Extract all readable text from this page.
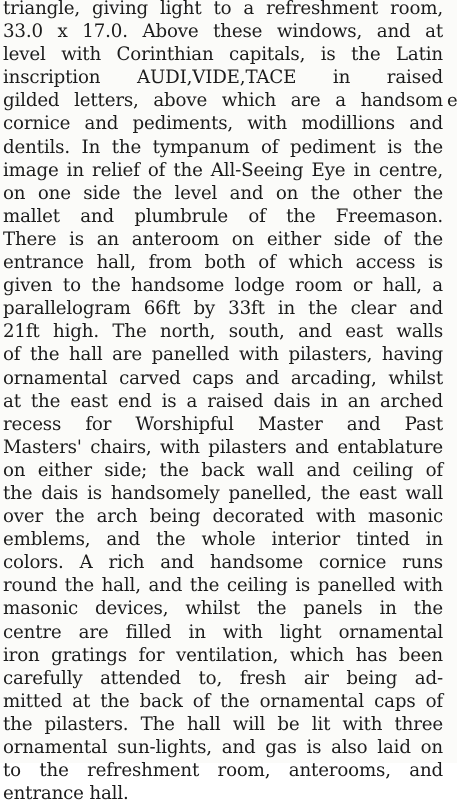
triangle, giving light to a refreshment room,
33.0 x 17.0. Above these windows, and at
level with Corinthian capitals, is the Latin
inscription AUDI,VIDE,TACE in raised
gilded letters, above which are a handsom
cornice and pediments, with modillions and
dentils. In the tympanum of pediment is the
image in relief of the All-Seeing Eye in centre,
on one side the level and on the other the
mallet and plumbrule of the Freemason.
There is an anteroom on either side of the
entrance hall, from both of which access is
given to the handsome lodge room or hall, a
parallelogram 66ft by 33ft in the clear and
21ft high. The north, south, and east walls
of the hall are panelled with pilasters, having
ornamental carved caps and arcading, whilst
at the east end is a raised dais in an arched
recess for Worshipful Master and Past
Masters' chairs, with pilasters and entablature
on either side; the back wall and ceiling of
the dais is handsomely panelled, the east wall
over the arch being decorated with masonic
emblems, and the whole interior tinted in
colors. A rich and handsome cornice runs
round the hall, and the ceiling is panelled with
masonic devices, whilst the panels in the
centre are filled in with light ornamental
iron gratings for ventilation, which has been
carefully attended to, fresh air being ad-
mitted at the back of the ornamental caps of
the pilasters. The hall will be lit with three
ornamental sun-lights, and gas is also laid on
to the refreshment room, anterooms, and
entrance hall.
e
